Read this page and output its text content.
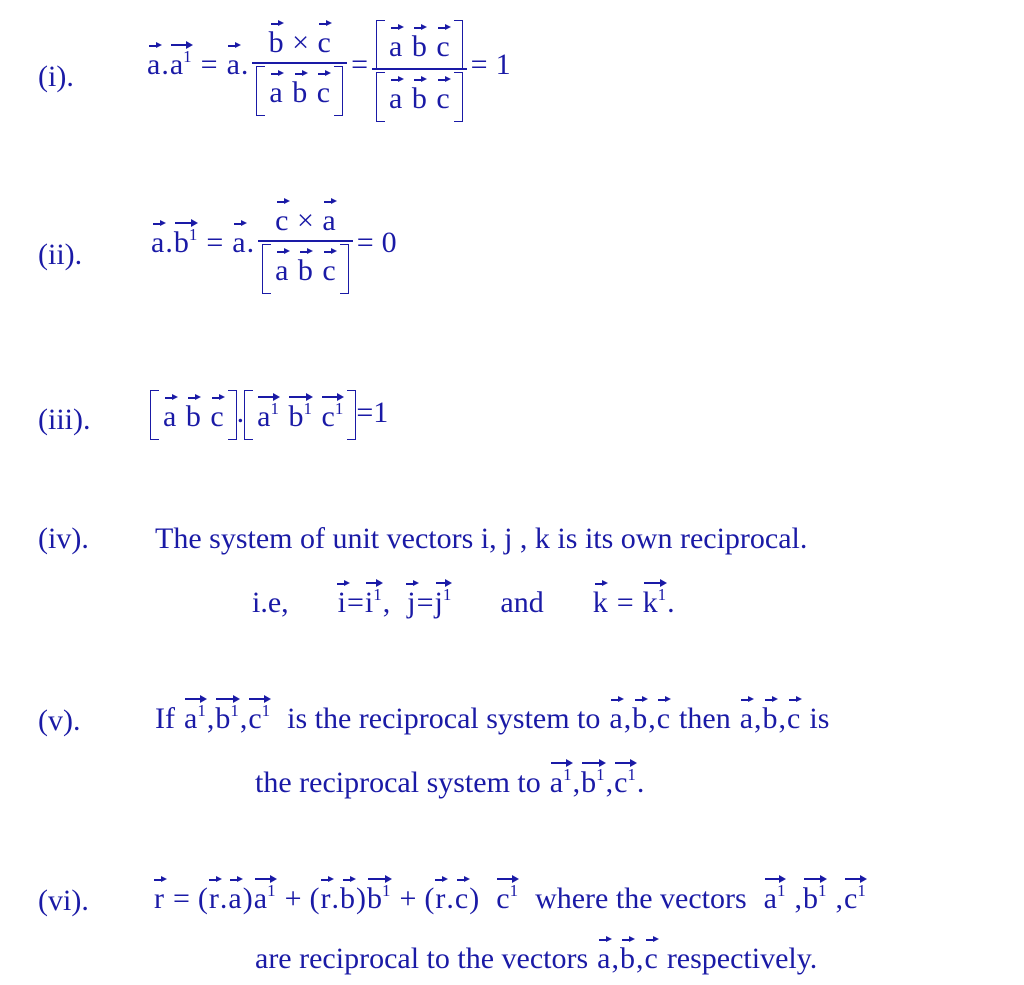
(i). a . $a^1 = a$ . $\frac{b \times c}{\text{a b c}} = \frac{\text{a b c}}{\text{a b c}} = 1$
(ii). a . $b^1 = a$ . $\frac{c \times a}{\text{a b c}} = 0$
(iii).	a b c . $a^1$ $b^1$ $c^1 = 1$
(iv). The system of unit vectors i, j , k is its own reciprocal.
i.e, $i = i^1$ , $j = j^1$ and $k = k^1$ .
(v). If $a^1$ , $b^1$ , $c^1$ is the reciprocal system to a , b , c then a , b , c is
the reciprocal system to $a^1$ , $b^1$ , $c^1$ .
(vi). r = ( r . a ) $a^1$ + ( r . b ) $b^1$ + ( r . c ) $c^1$ where the vectors $a^1$ , $b^1$ , $c^1$
are reciprocal to the vectors a , b , c respectively.
